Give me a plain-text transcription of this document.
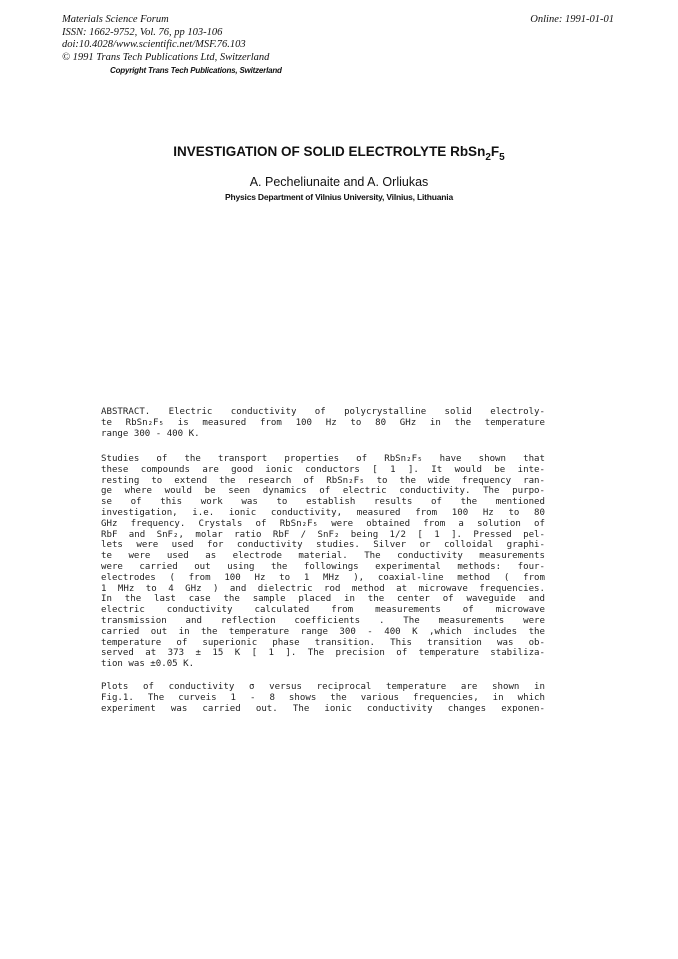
Materials Science Forum
ISSN: 1662-9752, Vol. 76, pp 103-106
doi:10.4028/www.scientific.net/MSF.76.103
© 1991 Trans Tech Publications Ltd, Switzerland
Online: 1991-01-01
Copyright Trans Tech Publications, Switzerland
INVESTIGATION OF SOLID ELECTROLYTE $RbSn_2F_5$
A. Pecheliunaite and A. Orliukas
Physics Department of Vilnius University, Vilnius, Lithuania
ABSTRACT. Electric conductivity of polycrystalline solid electroly-
te RbSn₂F₅ is measured from 100 Hz to 80 GHz in the temperature
range 300 - 400 K.
Studies of the transport properties of RbSn₂F₅ have shown that
these compounds are good ionic conductors [ 1 ]. It would be inte-
resting to extend the research of RbSn₂F₅ to the wide frequency ran-
ge where would be seen dynamics of electric conductivity. The purpo-
se of this work was to establish results of the mentioned
investigation, i.e. ionic conductivity, measured from 100 Hz to 80
GHz frequency. Crystals of RbSn₂F₅ were obtained from a solution of
RbF and SnF₂, molar ratio RbF / SnF₂ being 1/2 [ 1 ]. Pressed pel-
lets were used for conductivity studies. Silver or colloidal graphi-
te were used as electrode material. The conductivity measurements
were carried out using the followings experimental methods: four-
electrodes ( from 100 Hz to 1 MHz ), coaxial-line method ( from
1 MHz to 4 GHz ) and dielectric rod method at microwave frequencies.
In the last case the sample placed in the center of waveguide and
electric conductivity calculated from measurements of microwave
transmission and reflection coefficients . The measurements were
carried out in the temperature range 300 - 400 K ,which includes the
temperature of superionic phase transition. This transition was ob-
served at 373 ± 15 K [ 1 ]. The precision of temperature stabiliza-
tion was ±0.05 K.
Plots of conductivity σ versus reciprocal temperature are shown in
Fig.1. The curveis 1 - 8 shows the various frequencies, in which
experiment was carried out. The ionic conductivity changes exponen-
